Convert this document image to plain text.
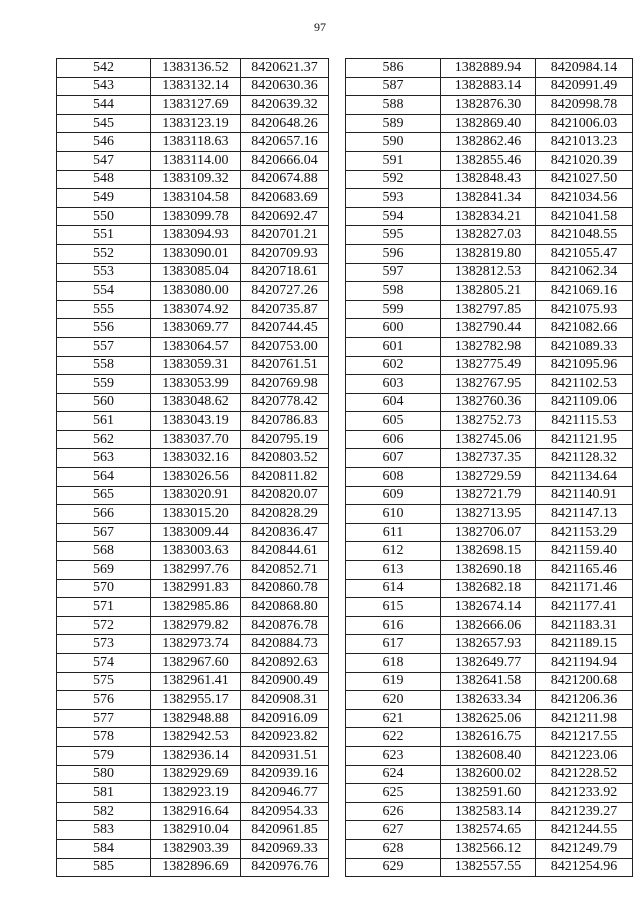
97
542	1383136.52	8420621.37
543	1383132.14	8420630.36
544	1383127.69	8420639.32
545	1383123.19	8420648.26
546	1383118.63	8420657.16
547	1383114.00	8420666.04
548	1383109.32	8420674.88
549	1383104.58	8420683.69
550	1383099.78	8420692.47
551	1383094.93	8420701.21
552	1383090.01	8420709.93
553	1383085.04	8420718.61
554	1383080.00	8420727.26
555	1383074.92	8420735.87
556	1383069.77	8420744.45
557	1383064.57	8420753.00
558	1383059.31	8420761.51
559	1383053.99	8420769.98
560	1383048.62	8420778.42
561	1383043.19	8420786.83
562	1383037.70	8420795.19
563	1383032.16	8420803.52
564	1383026.56	8420811.82
565	1383020.91	8420820.07
566	1383015.20	8420828.29
567	1383009.44	8420836.47
568	1383003.63	8420844.61
569	1382997.76	8420852.71
570	1382991.83	8420860.78
571	1382985.86	8420868.80
572	1382979.82	8420876.78
573	1382973.74	8420884.73
574	1382967.60	8420892.63
575	1382961.41	8420900.49
576	1382955.17	8420908.31
577	1382948.88	8420916.09
578	1382942.53	8420923.82
579	1382936.14	8420931.51
580	1382929.69	8420939.16
581	1382923.19	8420946.77
582	1382916.64	8420954.33
583	1382910.04	8420961.85
584	1382903.39	8420969.33
585	1382896.69	8420976.76
586	1382889.94	8420984.14
587	1382883.14	8420991.49
588	1382876.30	8420998.78
589	1382869.40	8421006.03
590	1382862.46	8421013.23
591	1382855.46	8421020.39
592	1382848.43	8421027.50
593	1382841.34	8421034.56
594	1382834.21	8421041.58
595	1382827.03	8421048.55
596	1382819.80	8421055.47
597	1382812.53	8421062.34
598	1382805.21	8421069.16
599	1382797.85	8421075.93
600	1382790.44	8421082.66
601	1382782.98	8421089.33
602	1382775.49	8421095.96
603	1382767.95	8421102.53
604	1382760.36	8421109.06
605	1382752.73	8421115.53
606	1382745.06	8421121.95
607	1382737.35	8421128.32
608	1382729.59	8421134.64
609	1382721.79	8421140.91
610	1382713.95	8421147.13
611	1382706.07	8421153.29
612	1382698.15	8421159.40
613	1382690.18	8421165.46
614	1382682.18	8421171.46
615	1382674.14	8421177.41
616	1382666.06	8421183.31
617	1382657.93	8421189.15
618	1382649.77	8421194.94
619	1382641.58	8421200.68
620	1382633.34	8421206.36
621	1382625.06	8421211.98
622	1382616.75	8421217.55
623	1382608.40	8421223.06
624	1382600.02	8421228.52
625	1382591.60	8421233.92
626	1382583.14	8421239.27
627	1382574.65	8421244.55
628	1382566.12	8421249.79
629	1382557.55	8421254.96
